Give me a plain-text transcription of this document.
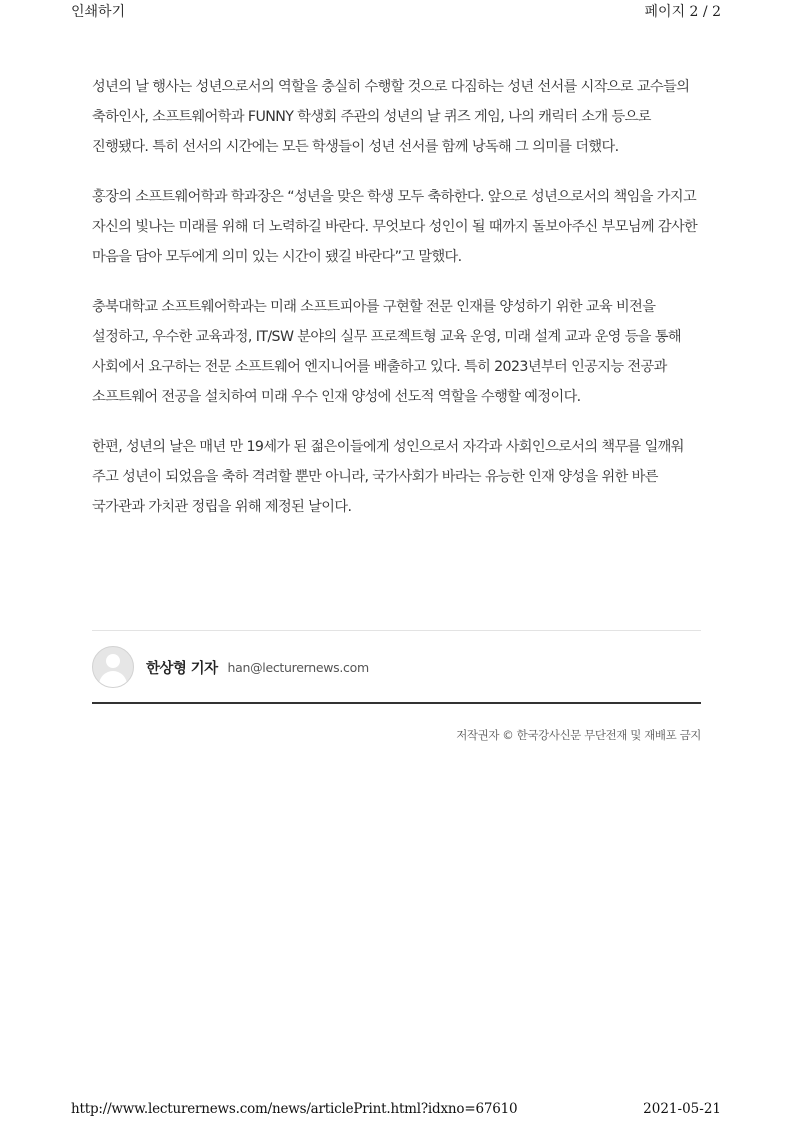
인쇄하기	페이지 2 / 2

성년의 날 행사는 성년으로서의 역할을 충실히 수행할 것으로 다짐하는 성년 선서를 시작으로 교수들의 축하인사, 소프트웨어학과 FUNNY 학생회 주관의 성년의 날 퀴즈 게임, 나의 캐릭터 소개 등으로 진행됐다. 특히 선서의 시간에는 모든 학생들이 성년 선서를 함께 낭독해 그 의미를 더했다.

홍장의 소프트웨어학과 학과장은 “성년을 맞은 학생 모두 축하한다. 앞으로 성년으로서의 책임을 가지고 자신의 빛나는 미래를 위해 더 노력하길 바란다. 무엇보다 성인이 될 때까지 돌보아주신 부모님께 감사한 마음을 담아 모두에게 의미 있는 시간이 됐길 바란다”고 말했다.

충북대학교 소프트웨어학과는 미래 소프트피아를 구현할 전문 인재를 양성하기 위한 교육 비전을 설정하고, 우수한 교육과정, IT/SW 분야의 실무 프로젝트형 교육 운영, 미래 설계 교과 운영 등을 통해 사회에서 요구하는 전문 소프트웨어 엔지니어를 배출하고 있다. 특히 2023년부터 인공지능 전공과 소프트웨어 전공을 설치하여 미래 우수 인재 양성에 선도적 역할을 수행할 예정이다.

한편, 성년의 날은 매년 만 19세가 된 젊은이들에게 성인으로서 자각과 사회인으로서의 책무를 일깨워 주고 성년이 되었음을 축하 격려할 뿐만 아니라, 국가사회가 바라는 유능한 인재 양성을 위한 바른 국가관과 가치관 정립을 위해 제정된 날이다.

한상형 기자 han@lecturernews.com
저작권자 © 한국강사신문 무단전재 및 재배포 금지
http://www.lecturernews.com/news/articlePrint.html?idxno=67610	2021-05-21
